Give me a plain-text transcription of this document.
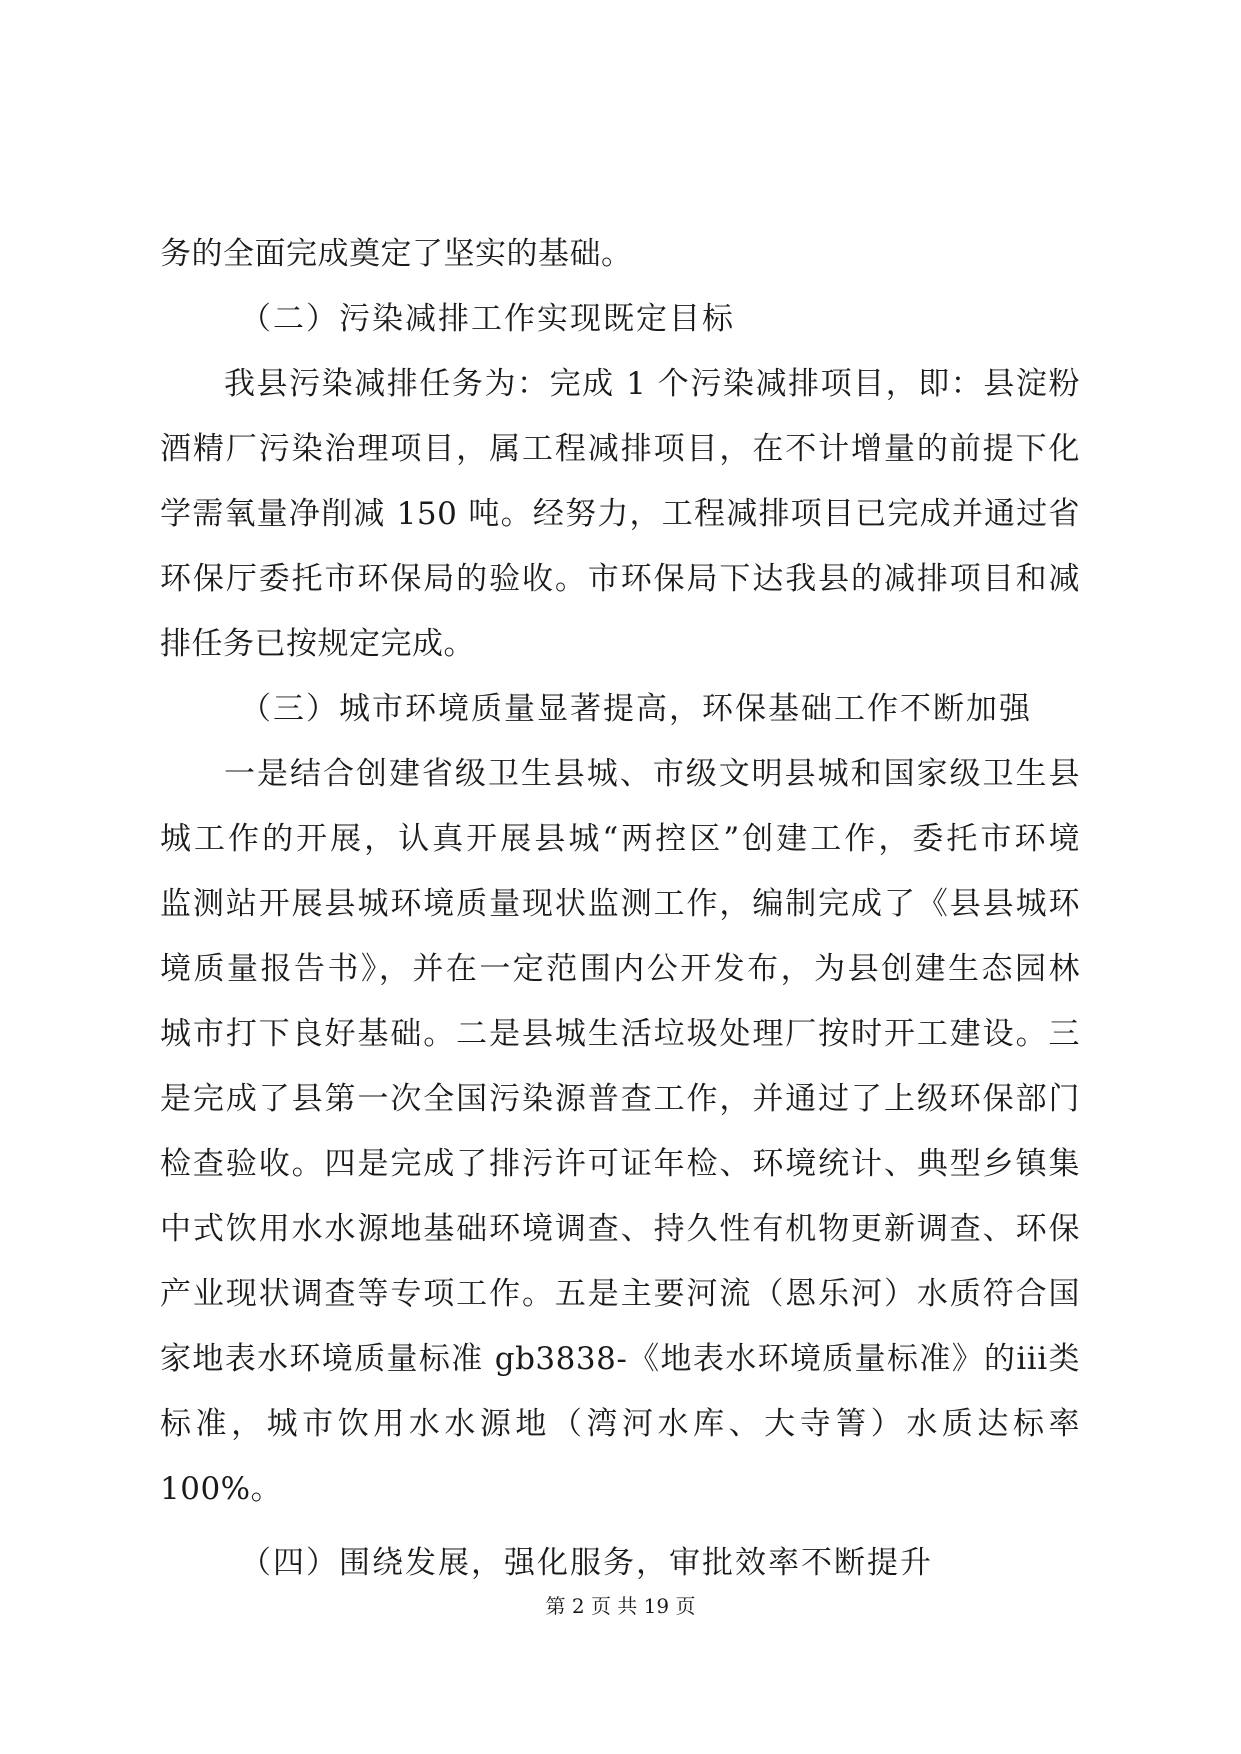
务的全面完成奠定了坚实的基础。
（二）污染减排工作实现既定目标
我县污染减排任务为：完成 1 个污染减排项目，即：县淀粉
酒精厂污染治理项目，属工程减排项目，在不计增量的前提下化
学需氧量净削减 150 吨。经努力，工程减排项目已完成并通过省
环保厅委托市环保局的验收。市环保局下达我县的减排项目和减
排任务已按规定完成。
（三）城市环境质量显著提高，环保基础工作不断加强
一是结合创建省级卫生县城、市级文明县城和国家级卫生县
城工作的开展，认真开展县城“两控区”创建工作，委托市环境
监测站开展县城环境质量现状监测工作，编制完成了《县县城环
境质量报告书》，并在一定范围内公开发布，为县创建生态园林
城市打下良好基础。二是县城生活垃圾处理厂按时开工建设。三
是完成了县第一次全国污染源普查工作，并通过了上级环保部门
检查验收。四是完成了排污许可证年检、环境统计、典型乡镇集
中式饮用水水源地基础环境调查、持久性有机物更新调查、环保
产业现状调查等专项工作。五是主要河流（恩乐河）水质符合国
家地表水环境质量标准 gb3838-《地表水环境质量标准》的iii类
标准，城市饮用水水源地（湾河水库、大寺箐）水质达标率
100%。
（四）围绕发展，强化服务，审批效率不断提升
第 2 页 共 19 页
